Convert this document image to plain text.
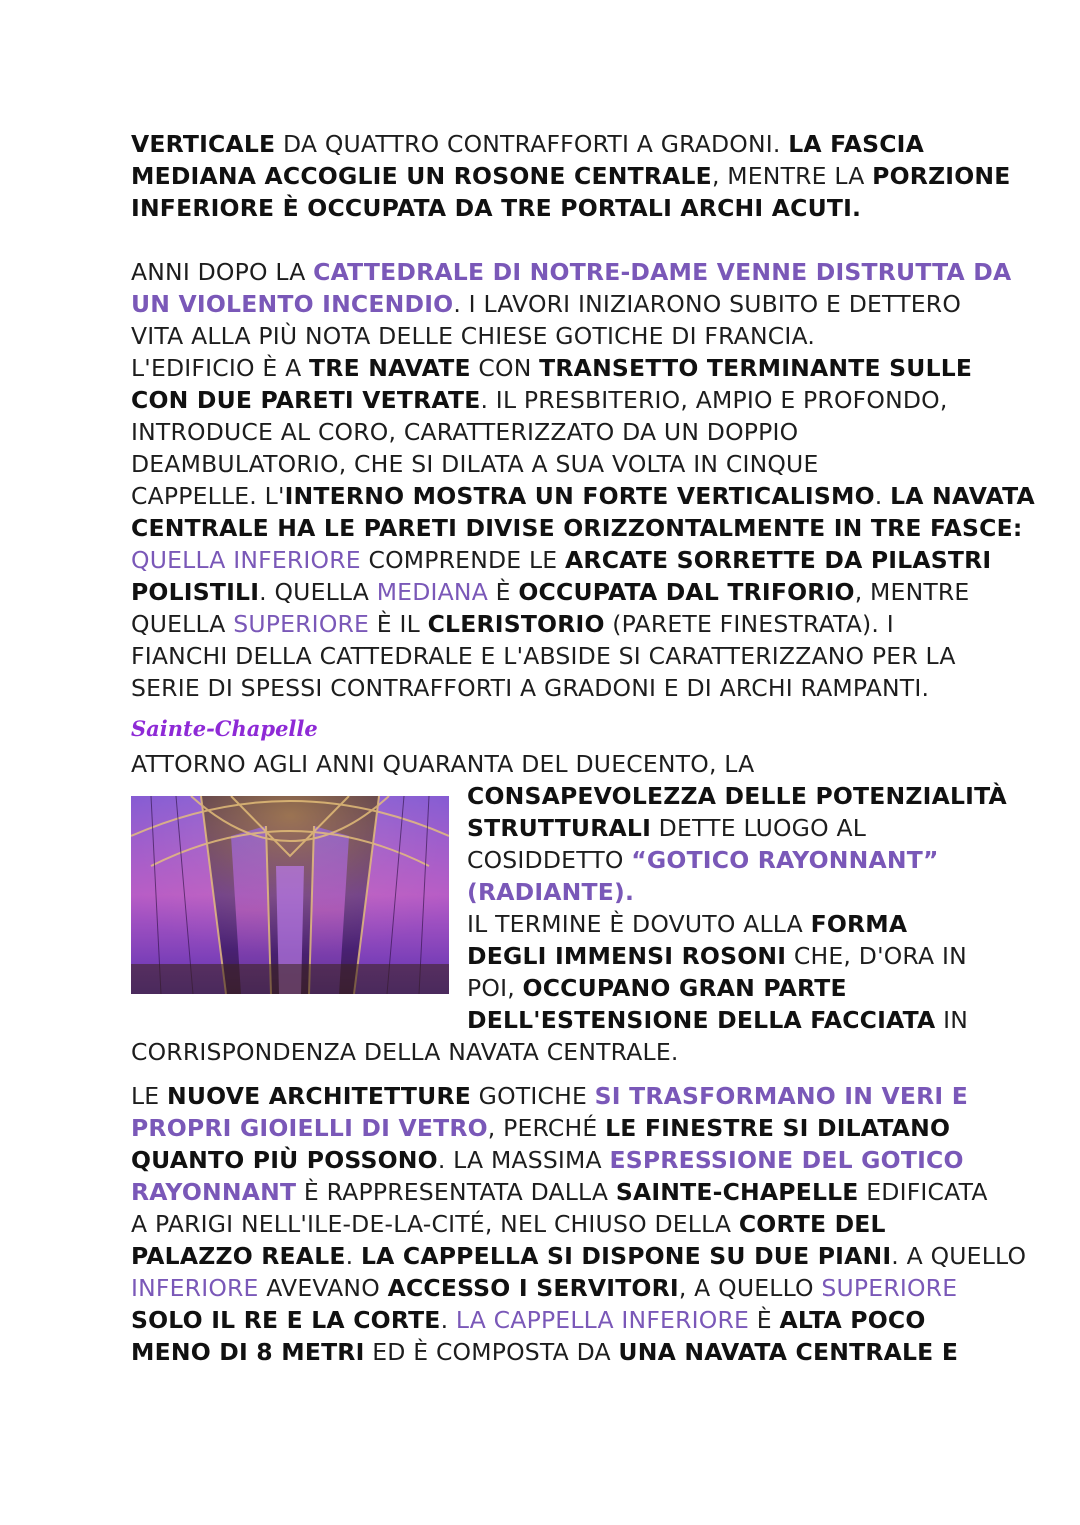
VERTICALE DA QUATTRO CONTRAFFORTI A GRADONI. LA FASCIA
MEDIANA ACCOGLIE UN ROSONE CENTRALE, MENTRE LA PORZIONE
INFERIORE È OCCUPATA DA TRE PORTALI ARCHI ACUTI.
ANNI DOPO LA CATTEDRALE DI NOTRE-DAME VENNE DISTRUTTA DA
UN VIOLENTO INCENDIO. I LAVORI INIZIARONO SUBITO E DETTERO
VITA ALLA PIÙ NOTA DELLE CHIESE GOTICHE DI FRANCIA.
L'EDIFICIO È A TRE NAVATE CON TRANSETTO TERMINANTE SULLE
CON DUE PARETI VETRATE. IL PRESBITERIO, AMPIO E PROFONDO,
INTRODUCE AL CORO, CARATTERIZZATO DA UN DOPPIO
DEAMBULATORIO, CHE SI DILATA A SUA VOLTA IN CINQUE
CAPPELLE. L'INTERNO MOSTRA UN FORTE VERTICALISMO. LA NAVATA
CENTRALE HA LE PARETI DIVISE ORIZZONTALMENTE IN TRE FASCE:
QUELLA INFERIORE COMPRENDE LE ARCATE SORRETTE DA PILASTRI
POLISTILI. QUELLA MEDIANA È OCCUPATA DAL TRIFORIO, MENTRE
QUELLA SUPERIORE È IL CLERISTORIO (PARETE FINESTRATA). I
FIANCHI DELLA CATTEDRALE E L'ABSIDE SI CARATTERIZZANO PER LA
SERIE DI SPESSI CONTRAFFORTI A GRADONI E DI ARCHI RAMPANTI.
Sainte-Chapelle
ATTORNO AGLI ANNI QUARANTA DEL DUECENTO, LA
CONSAPEVOLEZZA DELLE POTENZIALITÀ
STRUTTURALI DETTE LUOGO AL
COSIDDETTO “GOTICO RAYONNANT”
(RADIANTE).
IL TERMINE È DOVUTO ALLA FORMA
DEGLI IMMENSI ROSONI CHE, D'ORA IN
POI, OCCUPANO GRAN PARTE
DELL'ESTENSIONE DELLA FACCIATA IN
CORRISPONDENZA DELLA NAVATA CENTRALE.
LE NUOVE ARCHITETTURE GOTICHE SI TRASFORMANO IN VERI E
PROPRI GIOIELLI DI VETRO, PERCHÉ LE FINESTRE SI DILATANO
QUANTO PIÙ POSSONO. LA MASSIMA ESPRESSIONE DEL GOTICO
RAYONNANT È RAPPRESENTATA DALLA SAINTE-CHAPELLE EDIFICATA
A PARIGI NELL'ILE-DE-LA-CITÉ, NEL CHIUSO DELLA CORTE DEL
PALAZZO REALE. LA CAPPELLA SI DISPONE SU DUE PIANI. A QUELLO
INFERIORE AVEVANO ACCESSO I SERVITORI, A QUELLO SUPERIORE
SOLO IL RE E LA CORTE. LA CAPPELLA INFERIORE È ALTA POCO
MENO DI 8 METRI ED È COMPOSTA DA UNA NAVATA CENTRALE E
